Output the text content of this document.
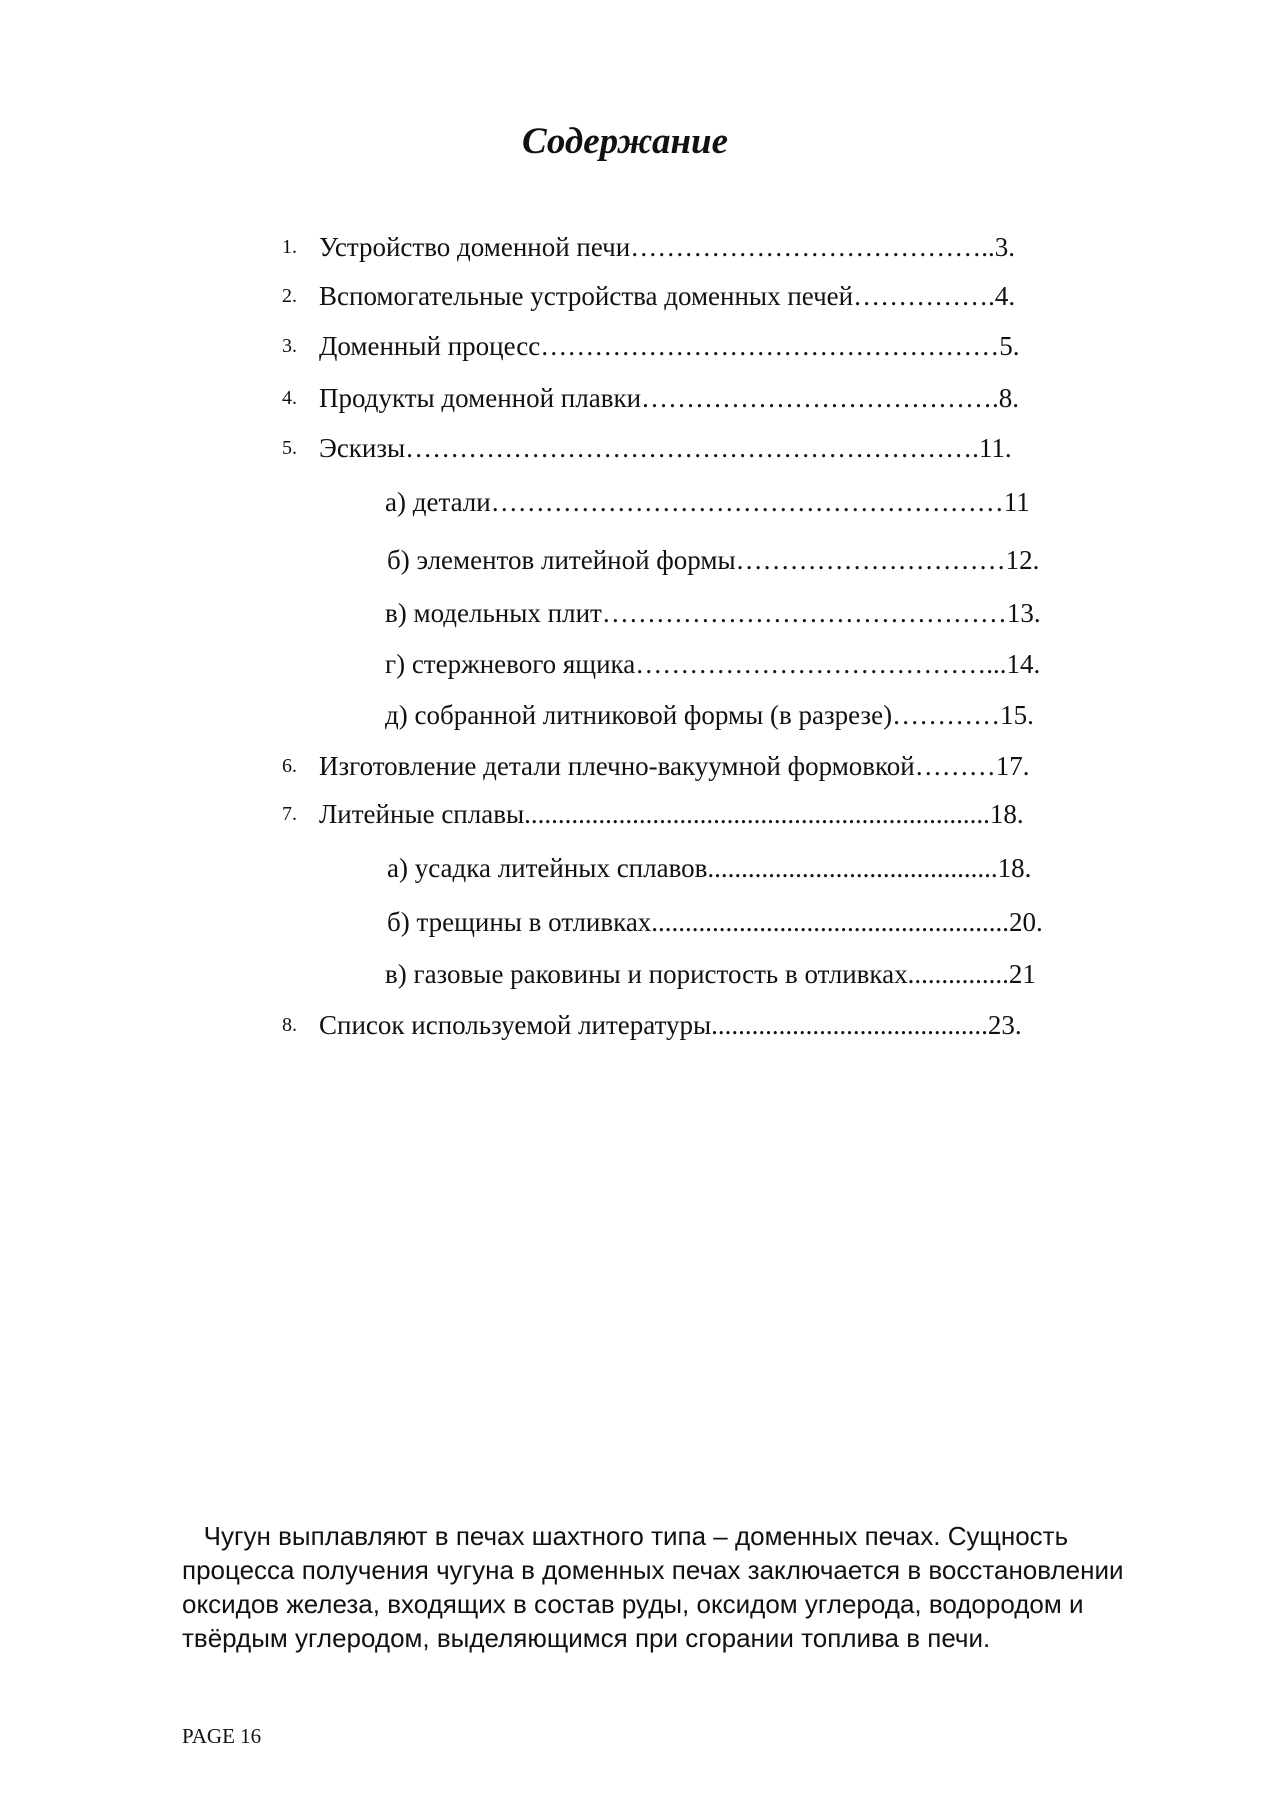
Содержание
1. Устройство доменной печи…………………………………..3.
2. Вспомогательные устройства доменных печей…………….4.
3. Доменный процесс……………………………………………5.
4. Продукты доменной плавки………………………………….8.
5. Эскизы……………………………………………………….11.
а) детали…………………………………………………11
б) элементов литейной формы…………………………12.
в) модельных плит………………………………………13.
г) стержневого ящика…………………………………...14.
д) собранной литниковой формы (в разрезе)…………15.
6. Изготовление детали плечно-вакуумной формовкой………17.
7. Литейные сплавы.....................................................................18.
а) усадка литейных сплавов...........................................18.
б) трещины в отливках.....................................................20.
в) газовые раковины и пористость в отливках...............21
8. Список используемой литературы.........................................23.

Чугун выплавляют в печах шахтного типа – доменных печах. Сущность процесса получения чугуна в доменных печах заключается в восстановлении оксидов железа, входящих в состав руды, оксидом углерода, водородом и твёрдым углеродом, выделяющимся при сгорании топлива в печи.

PAGE 16
